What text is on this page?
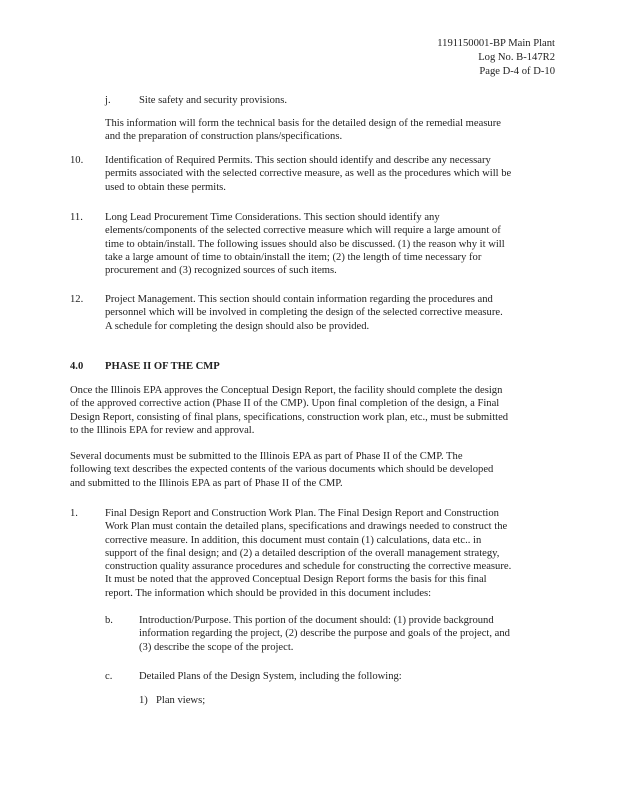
1191150001-BP Main Plant
Log No. B-147R2
Page D-4 of D-10
j.	Site safety and security provisions.
This information will form the technical basis for the detailed design of the remedial measure
and the preparation of construction plans/specifications.
10. Identification of Required Permits. This section should identify and describe any necessary
permits associated with the selected corrective measure, as well as the procedures which will be
used to obtain these permits.
11. Long Lead Procurement Time Considerations. This section should identify any
elements/components of the selected corrective measure which will require a large amount of
time to obtain/install. The following issues should also be discussed. (1) the reason why it will
take a large amount of time to obtain/install the item; (2) the length of time necessary for
procurement and (3) recognized sources of such items.
12. Project Management. This section should contain information regarding the procedures and
personnel which will be involved in completing the design of the selected corrective measure.
A schedule for completing the design should also be provided.
4.0 PHASE II OF THE CMP
Once the Illinois EPA approves the Conceptual Design Report, the facility should complete the design
of the approved corrective action (Phase II of the CMP). Upon final completion of the design, a Final
Design Report, consisting of final plans, specifications, construction work plan, etc., must be submitted
to the Illinois EPA for review and approval.
Several documents must be submitted to the Illinois EPA as part of Phase II of the CMP. The
following text describes the expected contents of the various documents which should be developed
and submitted to the Illinois EPA as part of Phase II of the CMP.
1.	Final Design Report and Construction Work Plan. The Final Design Report and Construction
Work Plan must contain the detailed plans, specifications and drawings needed to construct the
corrective measure. In addition, this document must contain (1) calculations, data etc.. in
support of the final design; and (2) a detailed description of the overall management strategy,
construction quality assurance procedures and schedule for constructing the corrective measure.
It must be noted that the approved Conceptual Design Report forms the basis for this final
report. The information which should be provided in this document includes:
b. Introduction/Purpose. This portion of the document should: (1) provide background
information regarding the project, (2) describe the purpose and goals of the project, and
(3) describe the scope of the project.
c.	Detailed Plans of the Design System, including the following:
1) Plan views;
